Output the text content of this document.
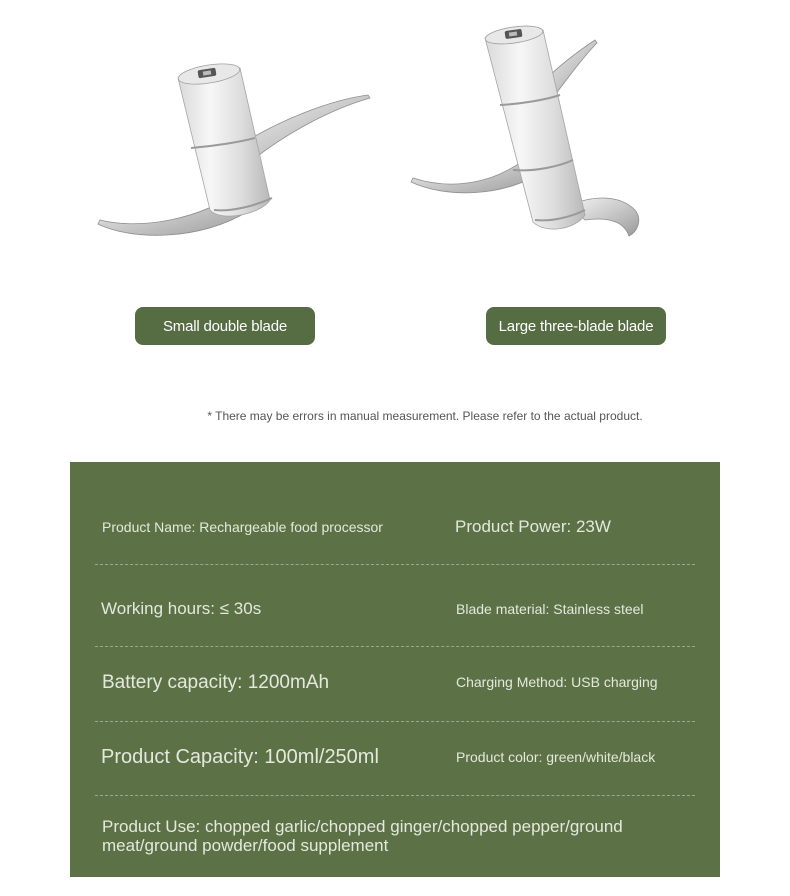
Small double blade	Large three-blade blade
* There may be errors in manual measurement. Please refer to the actual product.
Product Name: Rechargeable food processor	Product Power: 23W
Working hours: ≤ 30s	Blade material: Stainless steel
Battery capacity: 1200mAh	Charging Method: USB charging
Product Capacity: 100ml/250ml	Product color: green/white/black
Product Use: chopped garlic/chopped ginger/chopped pepper/ground meat/ground powder/food supplement
